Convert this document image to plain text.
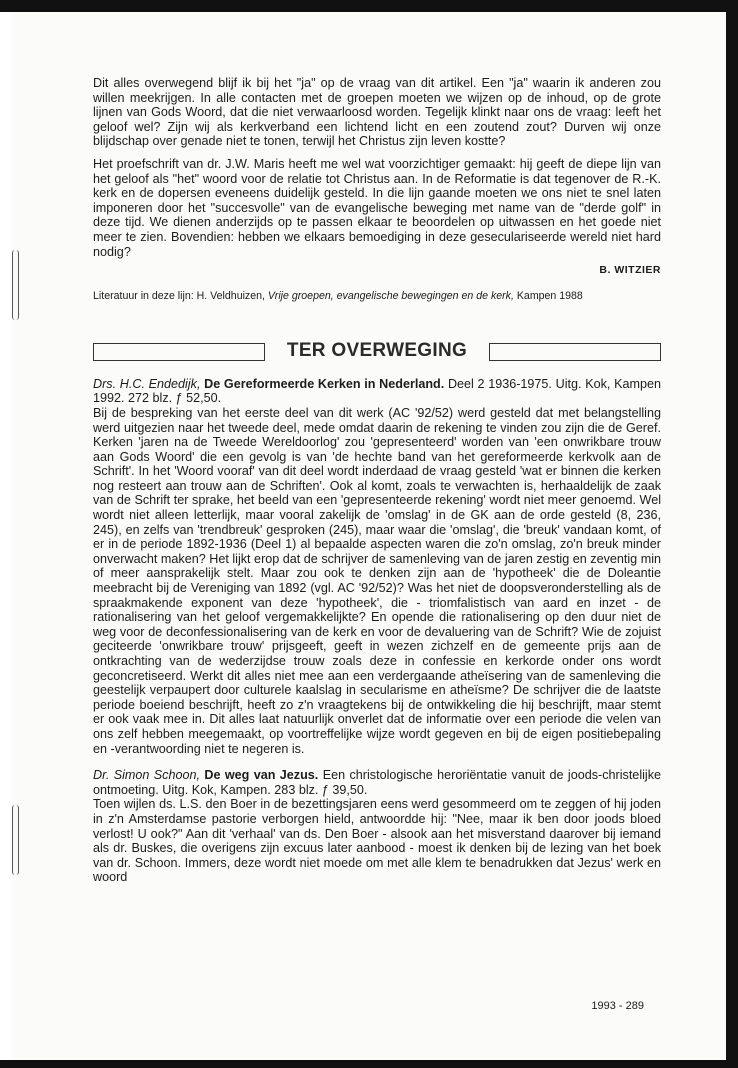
Dit alles overwegend blijf ik bij het "ja" op de vraag van dit artikel. Een "ja" waarin ik anderen zou willen meekrijgen. In alle contacten met de groepen moeten we wijzen op de inhoud, op de grote lijnen van Gods Woord, dat die niet verwaarloosd worden. Tegelijk klinkt naar ons de vraag: leeft het geloof wel? Zijn wij als kerkverband een lichtend licht en een zoutend zout? Durven wij onze blijdschap over genade niet te tonen, terwijl het Christus zijn leven kostte?

Het proefschrift van dr. J.W. Maris heeft me wel wat voorzichtiger gemaakt: hij geeft de diepe lijn van het geloof als "het" woord voor de relatie tot Christus aan. In de Reformatie is dat tegenover de R.-K. kerk en de dopersen eveneens duidelijk gesteld. In die lijn gaande moeten we ons niet te snel laten imponeren door het "succesvolle" van de evangelische beweging met name van de "derde golf" in deze tijd. We dienen anderzijds op te passen elkaar te beoordelen op uitwassen en het goede niet meer te zien. Bovendien: hebben we elkaars bemoediging in deze geseculariseerde wereld niet hard nodig?

B. WITZIER
Literatuur in deze lijn: H. Veldhuizen, Vrije groepen, evangelische bewegingen en de kerk, Kampen 1988
TER OVERWEGING

Drs. H.C. Endedijk, De Gereformeerde Kerken in Nederland. Deel 2 1936-1975. Uitg. Kok, Kampen 1992. 272 blz. ƒ 52,50.

Bij de bespreking van het eerste deel van dit werk (AC '92/52) werd gesteld dat met belangstelling werd uitgezien naar het tweede deel, mede omdat daarin de rekening te vinden zou zijn die de Geref. Kerken 'jaren na de Tweede Wereldoorlog' zou 'gepresenteerd' worden van 'een onwrikbare trouw aan Gods Woord' die een gevolg is van 'de hechte band van het gereformeerde kerkvolk aan de Schrift'. In het 'Woord vooraf' van dit deel wordt inderdaad de vraag gesteld 'wat er binnen die kerken nog resteert aan trouw aan de Schriften'. Ook al komt, zoals te verwachten is, herhaaldelijk de zaak van de Schrift ter sprake, het beeld van een 'gepresenteerde rekening' wordt niet meer genoemd. Wel wordt niet alleen letterlijk, maar vooral zakelijk de 'omslag' in de GK aan de orde gesteld (8, 236, 245), en zelfs van 'trendbreuk' gesproken (245), maar waar die 'omslag', die 'breuk' vandaan komt, of er in de periode 1892-1936 (Deel 1) al bepaalde aspecten waren die zo'n omslag, zo'n breuk minder onverwacht maken? Het lijkt erop dat de schrijver de samenleving van de jaren zestig en zeventig min of meer aansprakelijk stelt. Maar zou ook te denken zijn aan de 'hypotheek' die de Doleantie meebracht bij de Vereniging van 1892 (vgl. AC '92/52)? Was het niet de doopsveronderstelling als de spraakmakende exponent van deze 'hypotheek', die - triomfalistisch van aard en inzet - de rationalisering van het geloof vergemakkelijkte? En opende die rationalisering op den duur niet de weg voor de deconfessionalisering van de kerk en voor de devaluering van de Schrift? Wie de zojuist geciteerde 'onwrikbare trouw' prijsgeeft, geeft in wezen zichzelf en de gemeente prijs aan de ontkrachting van de wederzijdse trouw zoals deze in confessie en kerkorde onder ons wordt geconcretiseerd. Werkt dit alles niet mee aan een verdergaande atheïsering van de samenleving die geestelijk verpaupert door culturele kaalslag in secularisme en atheïsme? De schrijver die de laatste periode boeiend beschrijft, heeft zo z'n vraagtekens bij de ontwikkeling die hij beschrijft, maar stemt er ook vaak mee in. Dit alles laat natuurlijk onverlet dat de informatie over een periode die velen van ons zelf hebben meegemaakt, op voortreffelijke wijze wordt gegeven en bij de eigen positiebepaling en -verantwoording niet te negeren is.

Dr. Simon Schoon, De weg van Jezus. Een christologische heroriëntatie vanuit de joods-christelijke ontmoeting. Uitg. Kok, Kampen. 283 blz. ƒ 39,50.

Toen wijlen ds. L.S. den Boer in de bezettingsjaren eens werd gesommeerd om te zeggen of hij joden in z'n Amsterdamse pastorie verborgen hield, antwoordde hij: "Nee, maar ik ben door joods bloed verlost! U ook?" Aan dit 'verhaal' van ds. Den Boer - alsook aan het misverstand daarover bij iemand als dr. Buskes, die overigens zijn excuus later aanbood - moest ik denken bij de lezing van het boek van dr. Schoon. Immers, deze wordt niet moede om met alle klem te benadrukken dat Jezus' werk en woord

1993 - 289
